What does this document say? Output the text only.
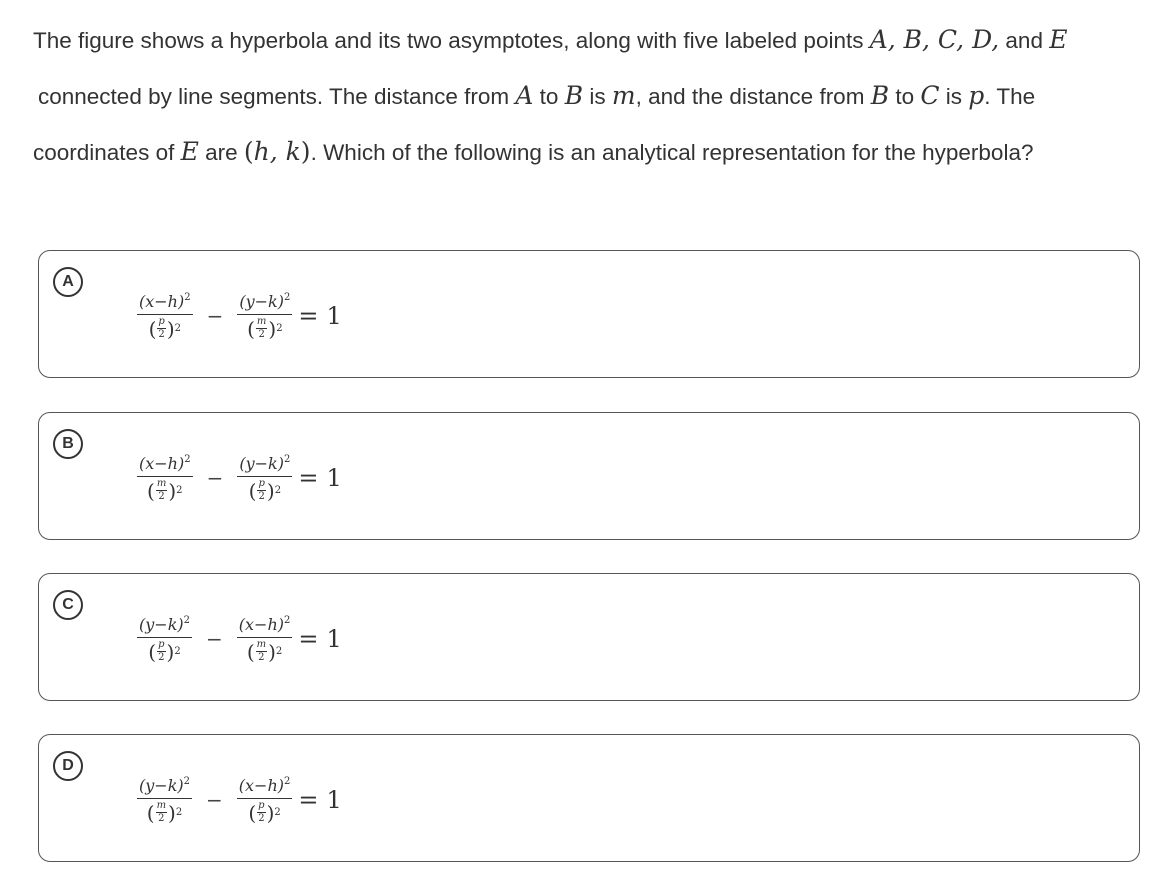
The figure shows a hyperbola and its two asymptotes, along with five labeled points A, B, C, D, and E
connected by line segments. The distance from A to B is m, and the distance from B to C is p. The
coordinates of E are (h, k). Which of the following is an analytical representation for the hyperbola?
A
$(x-h)^2$
( p
2 ) $2 - (y-k)^2$
( m
2 ) 2 = 1
B
$(x-h)^2$
( m
2 ) $2 - (y-k)^2$
( p
2 ) 2 = 1
C
$(y-k)^2$
( p
2 ) $2 - (x-h)^2$
( m
2 ) 2 = 1
D
$(y-k)^2$
( m
2 ) $2 - (x-h)^2$
( p
2 ) 2 = 1
